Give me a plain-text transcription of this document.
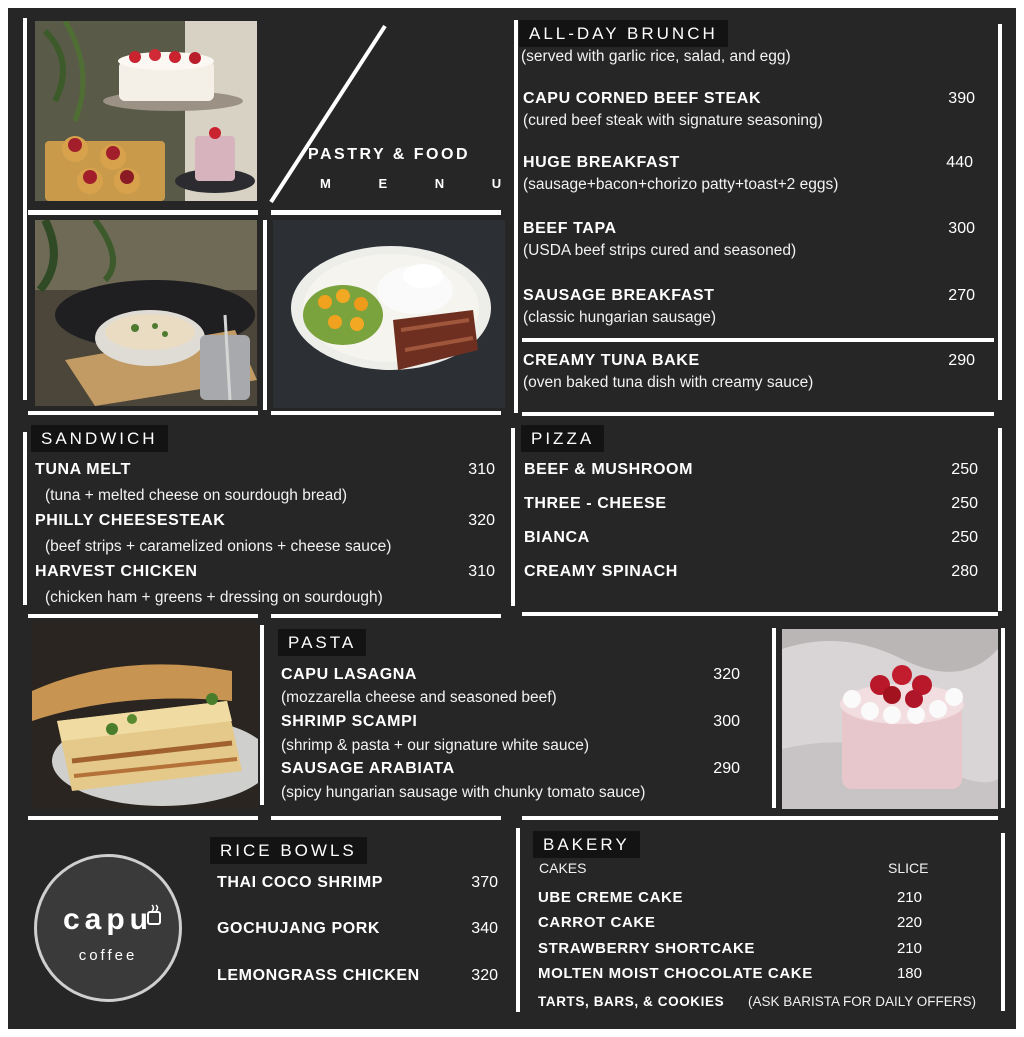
PASTRY & FOOD
M E N U
ALL-DAY BRUNCH
(served with garlic rice, salad, and egg)
CAPU CORNED BEEF STEAK	390
(cured beef steak with signature seasoning)
HUGE BREAKFAST	440
(sausage+bacon+chorizo patty+toast+2 eggs)
BEEF TAPA	300
(USDA beef strips cured and seasoned)
SAUSAGE BREAKFAST	270
(classic hungarian sausage)
CREAMY TUNA BAKE	290
(oven baked tuna dish with creamy sauce)
SANDWICH
TUNA MELT	310
(tuna + melted cheese on sourdough bread)
PHILLY CHEESESTEAK	320
(beef strips + caramelized onions + cheese sauce)
HARVEST CHICKEN	310
(chicken ham + greens + dressing on sourdough)
PIZZA
BEEF & MUSHROOM	250
THREE - CHEESE	250
BIANCA	250
CREAMY SPINACH	280
PASTA
CAPU LASAGNA	320
(mozzarella cheese and seasoned beef)
SHRIMP SCAMPI	300
(shrimp & pasta + our signature white sauce)
SAUSAGE ARABIATA	290
(spicy hungarian sausage with chunky tomato sauce)
capu
coffee
RICE BOWLS
THAI COCO SHRIMP	370
GOCHUJANG PORK	340
LEMONGRASS CHICKEN	320
BAKERY
CAKES	SLICE
UBE CREME CAKE	210
CARROT CAKE	220
STRAWBERRY SHORTCAKE	210
MOLTEN MOIST CHOCOLATE CAKE	180
TARTS, BARS, & COOKIES (ASK BARISTA FOR DAILY OFFERS)
